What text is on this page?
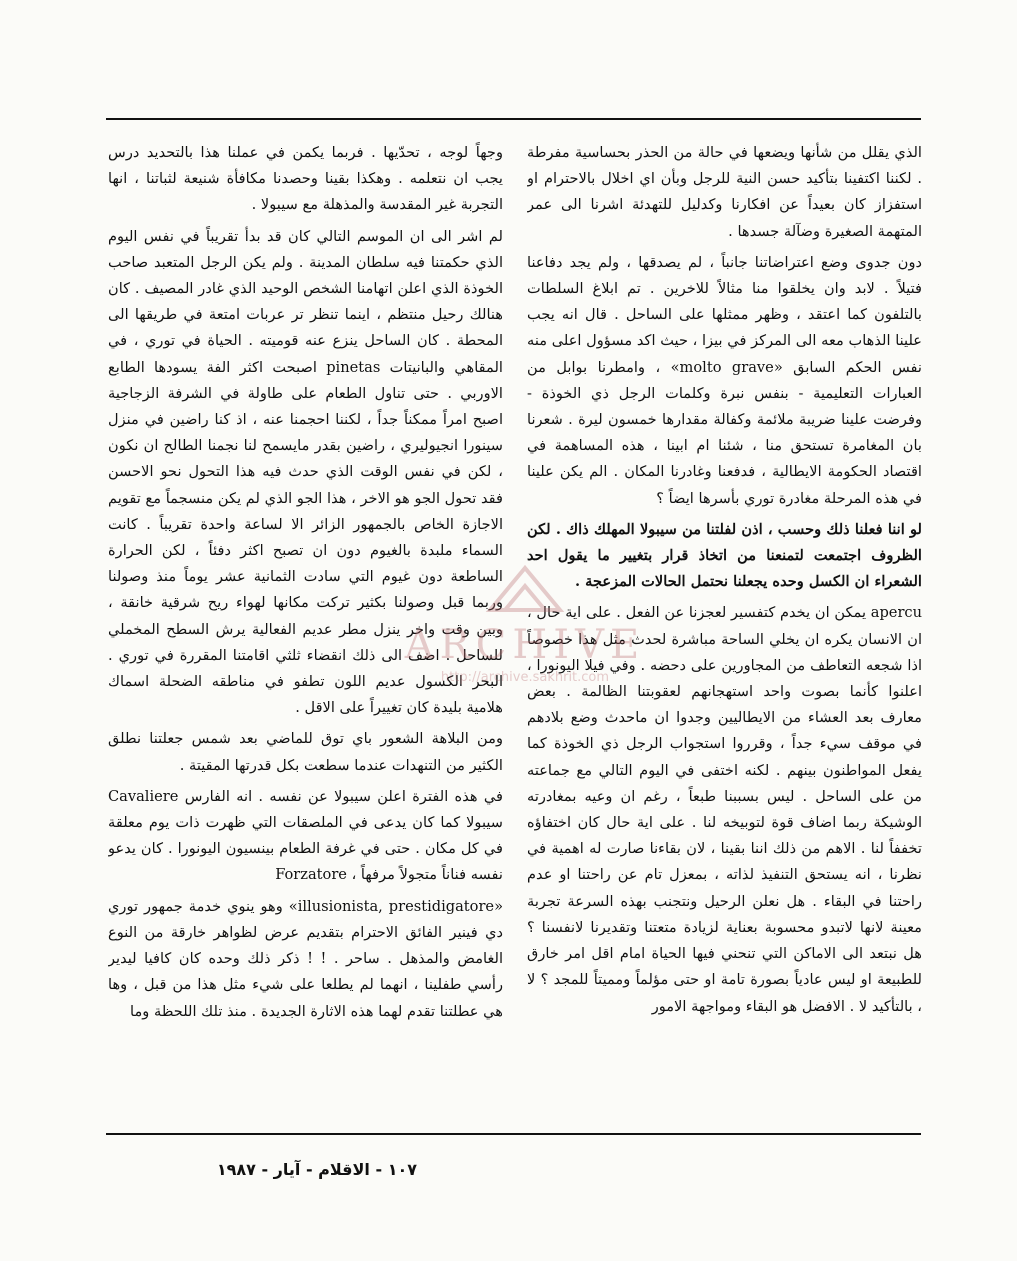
الذي يقلل من شأنها ويضعها في حالة من الحذر بحساسية مفرطة . لكننا اكتفينا بتأكيد حسن النية للرجل وبأن اي اخلال بالاحترام او استفزاز كان بعيداً عن افكارنا وكدليل للتهدئة اشرنا الى عمر المتهمة الصغيرة وضآلة جسدها .

دون جدوى وضع اعتراضاتنا جانباً ، لم يصدقها ، ولم يجد دفاعنا فتيلاً . لابد وان يخلقوا منا مثالاً للاخرين . تم ابلاغ السلطات بالتلفون كما اعتقد ، وظهر ممثلها على الساحل . قال انه يجب علينا الذهاب معه الى المركز في بيزا ، حيث اكد مسؤول اعلى منه نفس الحكم السابق «molto grave» ، وامطرنا بوابل من العبارات التعليمية - بنفس نبرة وكلمات الرجل ذي الخوذة - وفرضت علينا ضريبة ملائمة وكفالة مقدارها خمسون ليرة . شعرنا بان المغامرة تستحق منا ، شئنا ام ابينا ، هذه المساهمة في اقتصاد الحكومة الايطالية ، فدفعنا وغادرنا المكان . الم يكن علينا في هذه المرحلة مغادرة توري بأسرها ايضاً ؟

لو اننا فعلنا ذلك وحسب ، اذن لفلتنا من سيبولا المهلك ذاك . لكن الظروف اجتمعت لتمنعنا من اتخاذ قرار بتغيير ما يقول احد الشعراء ان الكسل وحده يجعلنا نحتمل الحالات المزعجة .

apercu يمكن ان يخدم كتفسير لعجزنا عن الفعل . على اية حال ، ان الانسان يكره ان يخلي الساحة مباشرة لحدث مثل هذا خصوصاً اذا شجعه التعاطف من المجاورين على دحضه . وفي فيلا اليونورا ، اعلنوا كأنما بصوت واحد استهجانهم لعقوبتنا الظالمة . بعض معارف بعد العشاء من الايطاليين وجدوا ان ماحدث وضع بلادهم في موقف سيء جداً ، وقرروا استجواب الرجل ذي الخوذة كما يفعل المواطنون بينهم . لكنه اختفى في اليوم التالي مع جماعته من على الساحل . ليس بسببنا طبعاً ، رغم ان وعيه بمغادرته الوشيكة ربما اضاف قوة لتوبيخه لنا . على اية حال كان اختفاؤه تخففاً لنا . الاهم من ذلك اننا بقينا ، لان بقاءنا صارت له اهمية في نظرنا ، انه يستحق التنفيذ لذاته ، بمعزل تام عن راحتنا او عدم راحتنا في البقاء . هل نعلن الرحيل ونتجنب بهذه السرعة تجربة معينة لانها لاتبدو محسوبة بعناية لزيادة متعتنا وتقديرنا لانفسنا ؟ هل نبتعد الى الاماكن التي تنحني فيها الحياة امام اقل امر خارق للطبيعة او ليس عادياً بصورة تامة او حتى مؤلماً ومميتاً للمجد ؟ لا ، بالتأكيد لا . الافضل هو البقاء ومواجهة الامور

وجهاً لوجه ، تحدّيها . فربما يكمن في عملنا هذا بالتحديد درس يجب ان نتعلمه . وهكذا بقينا وحصدنا مكافأة شنيعة لثباتنا ، انها التجربة غير المقدسة والمذهلة مع سيبولا .

لم اشر الى ان الموسم التالي كان قد بدأ تقريباً في نفس اليوم الذي حكمتنا فيه سلطان المدينة . ولم يكن الرجل المتعبد صاحب الخوذة الذي اعلن اتهامنا الشخص الوحيد الذي غادر المصيف . كان هنالك رحيل منتظم ، اينما تنظر تر عربات امتعة في طريقها الى المحطة . كان الساحل ينزع عنه قوميته . الحياة في توري ، في المقاهي والبانيتات pinetas اصبحت اكثر الفة يسودها الطابع الاوربي . حتى تناول الطعام على طاولة في الشرفة الزجاجية اصبح امراً ممكناً جداً ، لكننا احجمنا عنه ، اذ كنا راضين في منزل سينورا انجيوليري ، راضين بقدر مايسمح لنا نجمنا الطالح ان نكون ، لكن في نفس الوقت الذي حدث فيه هذا التحول نحو الاحسن فقد تحول الجو هو الاخر ، هذا الجو الذي لم يكن منسجماً مع تقويم الاجازة الخاص بالجمهور الزائر الا لساعة واحدة تقريباً . كانت السماء ملبدة بالغيوم دون ان تصبح اكثر دفئاً ، لكن الحرارة الساطعة دون غيوم التي سادت الثمانية عشر يوماً منذ وصولنا وربما قبل وصولنا بكثير تركت مكانها لهواء ريح شرقية خانقة ، وبين وقت واخر ينزل مطر عديم الفعالية يرش السطح المخملي للساحل . اضف الى ذلك انقضاء ثلثي اقامتنا المقررة في توري . البحر الكسول عديم اللون تطفو في مناطقه الضحلة اسماك هلامية بليدة كان تغييراً على الاقل .

ومن البلاهة الشعور باي توق للماضي بعد شمس جعلتنا نطلق الكثير من التنهدات عندما سطعت بكل قدرتها المقيتة .

في هذه الفترة اعلن سيبولا عن نفسه . انه الفارس Cavaliere سيبولا كما كان يدعى في الملصقات التي ظهرت ذات يوم معلقة في كل مكان . حتى في غرفة الطعام بينسيون اليونورا . كان يدعو نفسه فناناً متجولاً مرفهاً ، Forzatore

«illusionista, prestidigatore» وهو ينوي خدمة جمهور توري دي فينير الفائق الاحترام بتقديم عرض لظواهر خارقة من النوع الغامض والمذهل . ساحر . ! ! ذكر ذلك وحده كان كافيا ليدير رأسي طفلينا ، انهما لم يطلعا على شيء مثل هذا من قبل ، وها هي عطلتنا تقدم لهما هذه الاثارة الجديدة . منذ تلك اللحظة وما

ARCHIVE
http://archive.sakhrit.com
١٠٧ - الاقلام - آيار - ١٩٨٧
